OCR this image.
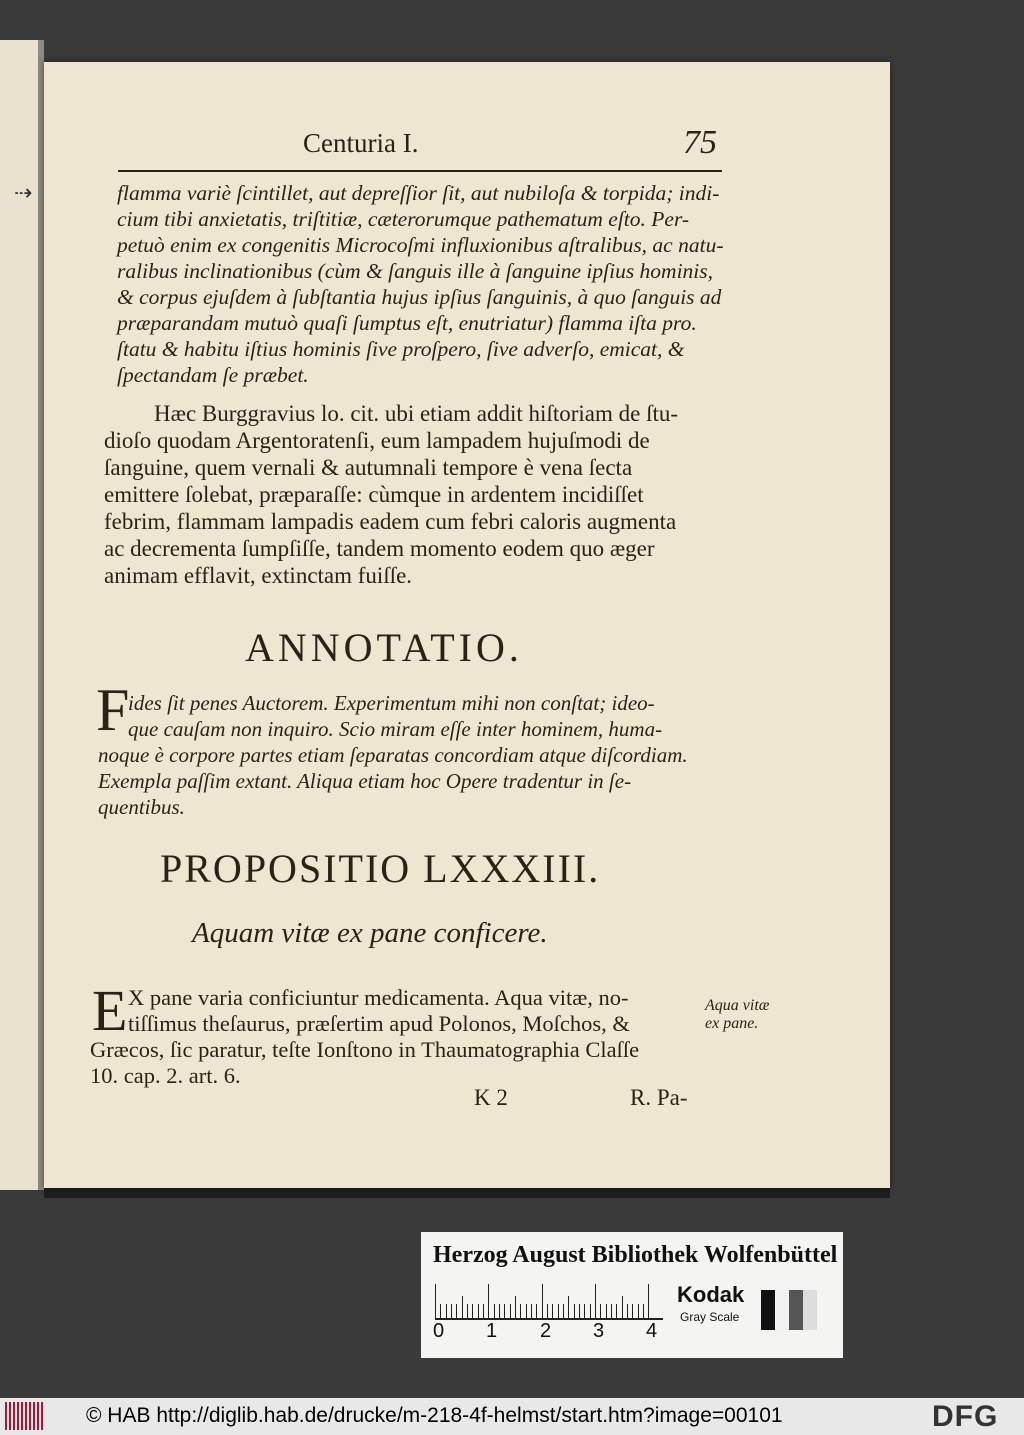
⇢
Centuria I.	75
flamma variè ſcintillet, aut depreſſior ſit, aut nubiloſa & torpida; indi-
cium tibi anxietatis, triſtitiæ, cæterorumque pathematum eſto. Per-
petuò enim ex congenitis Microcoſmi influxionibus aſtralibus, ac natu-
ralibus inclinationibus (cùm & ſanguis ille à ſanguine ipſius hominis,
& corpus ejuſdem à ſubſtantia hujus ipſius ſanguinis, à quo ſanguis ad
præparandam mutuò quaſi ſumptus eſt, enutriatur) flamma iſta pro.
ſtatu & habitu iſtius hominis ſive proſpero, ſive adverſo, emicat, &
ſpectandam ſe præbet.
Hæc Burggravius lo. cit. ubi etiam addit hiſtoriam de ſtu-
dioſo quodam Argentoratenſi, eum lampadem hujuſmodi de
ſanguine, quem vernali & autumnali tempore è vena ſecta
emittere ſolebat, præparaſſe: cùmque in ardentem incidiſſet
febrim, flammam lampadis eadem cum febri caloris augmenta
ac decrementa ſumpſiſſe, tandem momento eodem quo æger
animam efflavit, extinctam fuiſſe.
ANNOTATIO.
F
ides ſit penes Auctorem. Experimentum mihi non conſtat; ideo-
que cauſam non inquiro. Scio miram eſſe inter hominem, huma-
noque è corpore partes etiam ſeparatas concordiam atque diſcordiam.
Exempla paſſim extant. Aliqua etiam hoc Opere tradentur in ſe-
quentibus.
PROPOSITIO LXXXIII.
Aquam vitæ ex pane conficere.
E X pane varia conficiuntur medicamenta. Aqua vitæ, no-
tiſſimus theſaurus, præſertim apud Polonos, Moſchos, &
Græcos, ſic paratur, teſte Ionſtono in Thaumatographia Claſſe
10. cap. 2. art. 6.
Aqua vitæ
ex pane.
K 2	R. Pa-
Herzog August Bibliothek Wolfenbüttel
0 1 2 3 4
Kodak
Gray Scale
© HAB http://diglib.hab.de/drucke/m-218-4f-helmst/start.htm?image=00101	DFG
